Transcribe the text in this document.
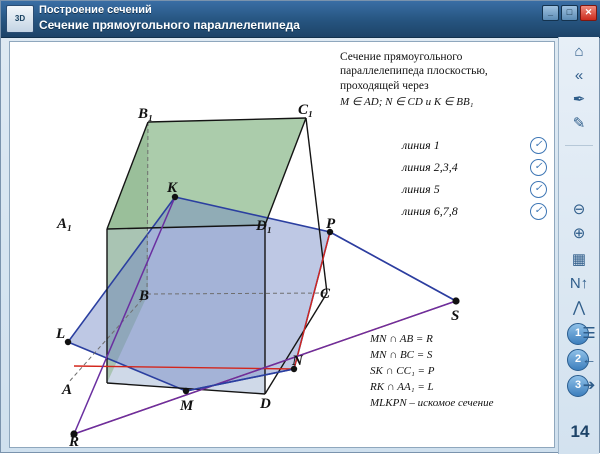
3D
Построение сечений
Сечение прямоугольного параллелепипеда
_	□	✕
⌂
«
✒
✎
⊖
⊕
▦
N↑
⋀
1
2
3
☰
←
➔
14
B₁	C₁
A₁	D₁
B	C
A
D
K
L
M
N
P
S
R
Сечение прямоугольного параллелепипеда плоскостью, проходящей через
M ∈ AD; N ∈ CD и K ∈ BB₁
линия 1	✓
линия 2,3,4	✓
линия 5	✓
линия 6,7,8	✓
MN ∩ AB = R
MN ∩ BC = S
SK ∩ CC₁ = P
RK ∩ AA₁ = L
MLKPN – искомое сечение
